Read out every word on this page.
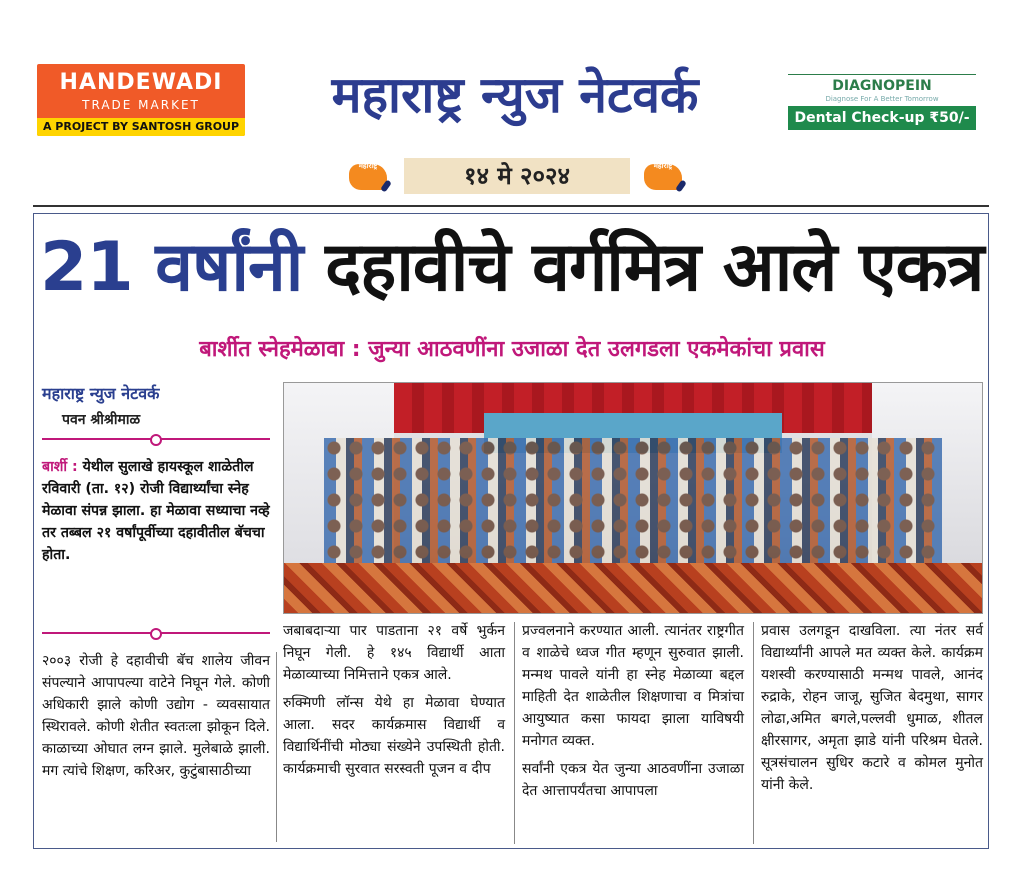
HANDEWADI
TRADE MARKET
A PROJECT BY SANTOSH GROUP
महाराष्ट्र न्युज नेटवर्क	DIAGNOPEIN
Diagnose For A Better Tomorrow
Dental Check-up ₹50/-
महाराष्ट्र	१४ मे २०२४	महाराष्ट्र
21 वर्षांनी दहावीचे वर्गमित्र आले एकत्र
बार्शीत स्नेहमेळावा : जुन्या आठवणींना उजाळा देत उलगडला एकमेकांचा प्रवास
महाराष्ट्र न्युज नेटवर्क
पवन श्रीश्रीमाळ
बार्शी : येथील सुलाखे हायस्कूल शाळेतील रविवारी (ता. १२) रोजी विद्यार्थ्यांचा स्नेह मेळावा संपन्न झाला. हा मेळावा सध्याचा नव्हे तर तब्बल २१ वर्षांपूर्वीच्या दहावीतील बॅचचा होता.

२००३ रोजी हे दहावीची बॅच शालेय जीवन संपल्याने आपापल्या वाटेने निघून गेले. कोणी अधिकारी झाले कोणी उद्योग - व्यवसायात स्थिरावले. कोणी शेतीत स्वतःला झोकून दिले. काळाच्या ओघात लग्न झाले. मुलेबाळे झाली. मग त्यांचे शिक्षण, करिअर, कुटुंबासाठीच्या

जबाबदाऱ्या पार पाडताना २१ वर्षे भुर्कन निघून गेली. हे १४५ विद्यार्थी आता मेळाव्याच्या निमित्ताने एकत्र आले.

रुक्मिणी लॉन्स येथे हा मेळावा घेण्यात आला. सदर कार्यक्रमास विद्यार्थी व विद्यार्थिनींची मोठ्या संख्येने उपस्थिती होती. कार्यक्रमाची सुरवात सरस्वती पूजन व दीप

प्रज्वलनाने करण्यात आली. त्यानंतर राष्ट्रगीत व शाळेचे ध्वज गीत म्हणून सुरुवात झाली. मन्मथ पावले यांनी हा स्नेह मेळाव्या बद्दल माहिती देत शाळेतील शिक्षणाचा व मित्रांचा आयुष्यात कसा फायदा झाला याविषयी मनोगत व्यक्त.

सर्वांनी एकत्र येत जुन्या आठवणींना उजाळा देत आत्तापर्यंतचा आपापला

प्रवास उलगडून दाखविला. त्या नंतर सर्व विद्यार्थ्यांनी आपले मत व्यक्त केले. कार्यक्रम यशस्वी करण्यासाठी मन्मथ पावले, आनंद रुद्राके, रोहन जाजू, सुजित बेदमुथा, सागर लोढा,अमित बगले,पल्लवी धुमाळ, शीतल क्षीरसागर, अमृता झाडे यांनी परिश्रम घेतले. सूत्रसंचालन सुधिर कटारे व कोमल मुनोत यांनी केले.
